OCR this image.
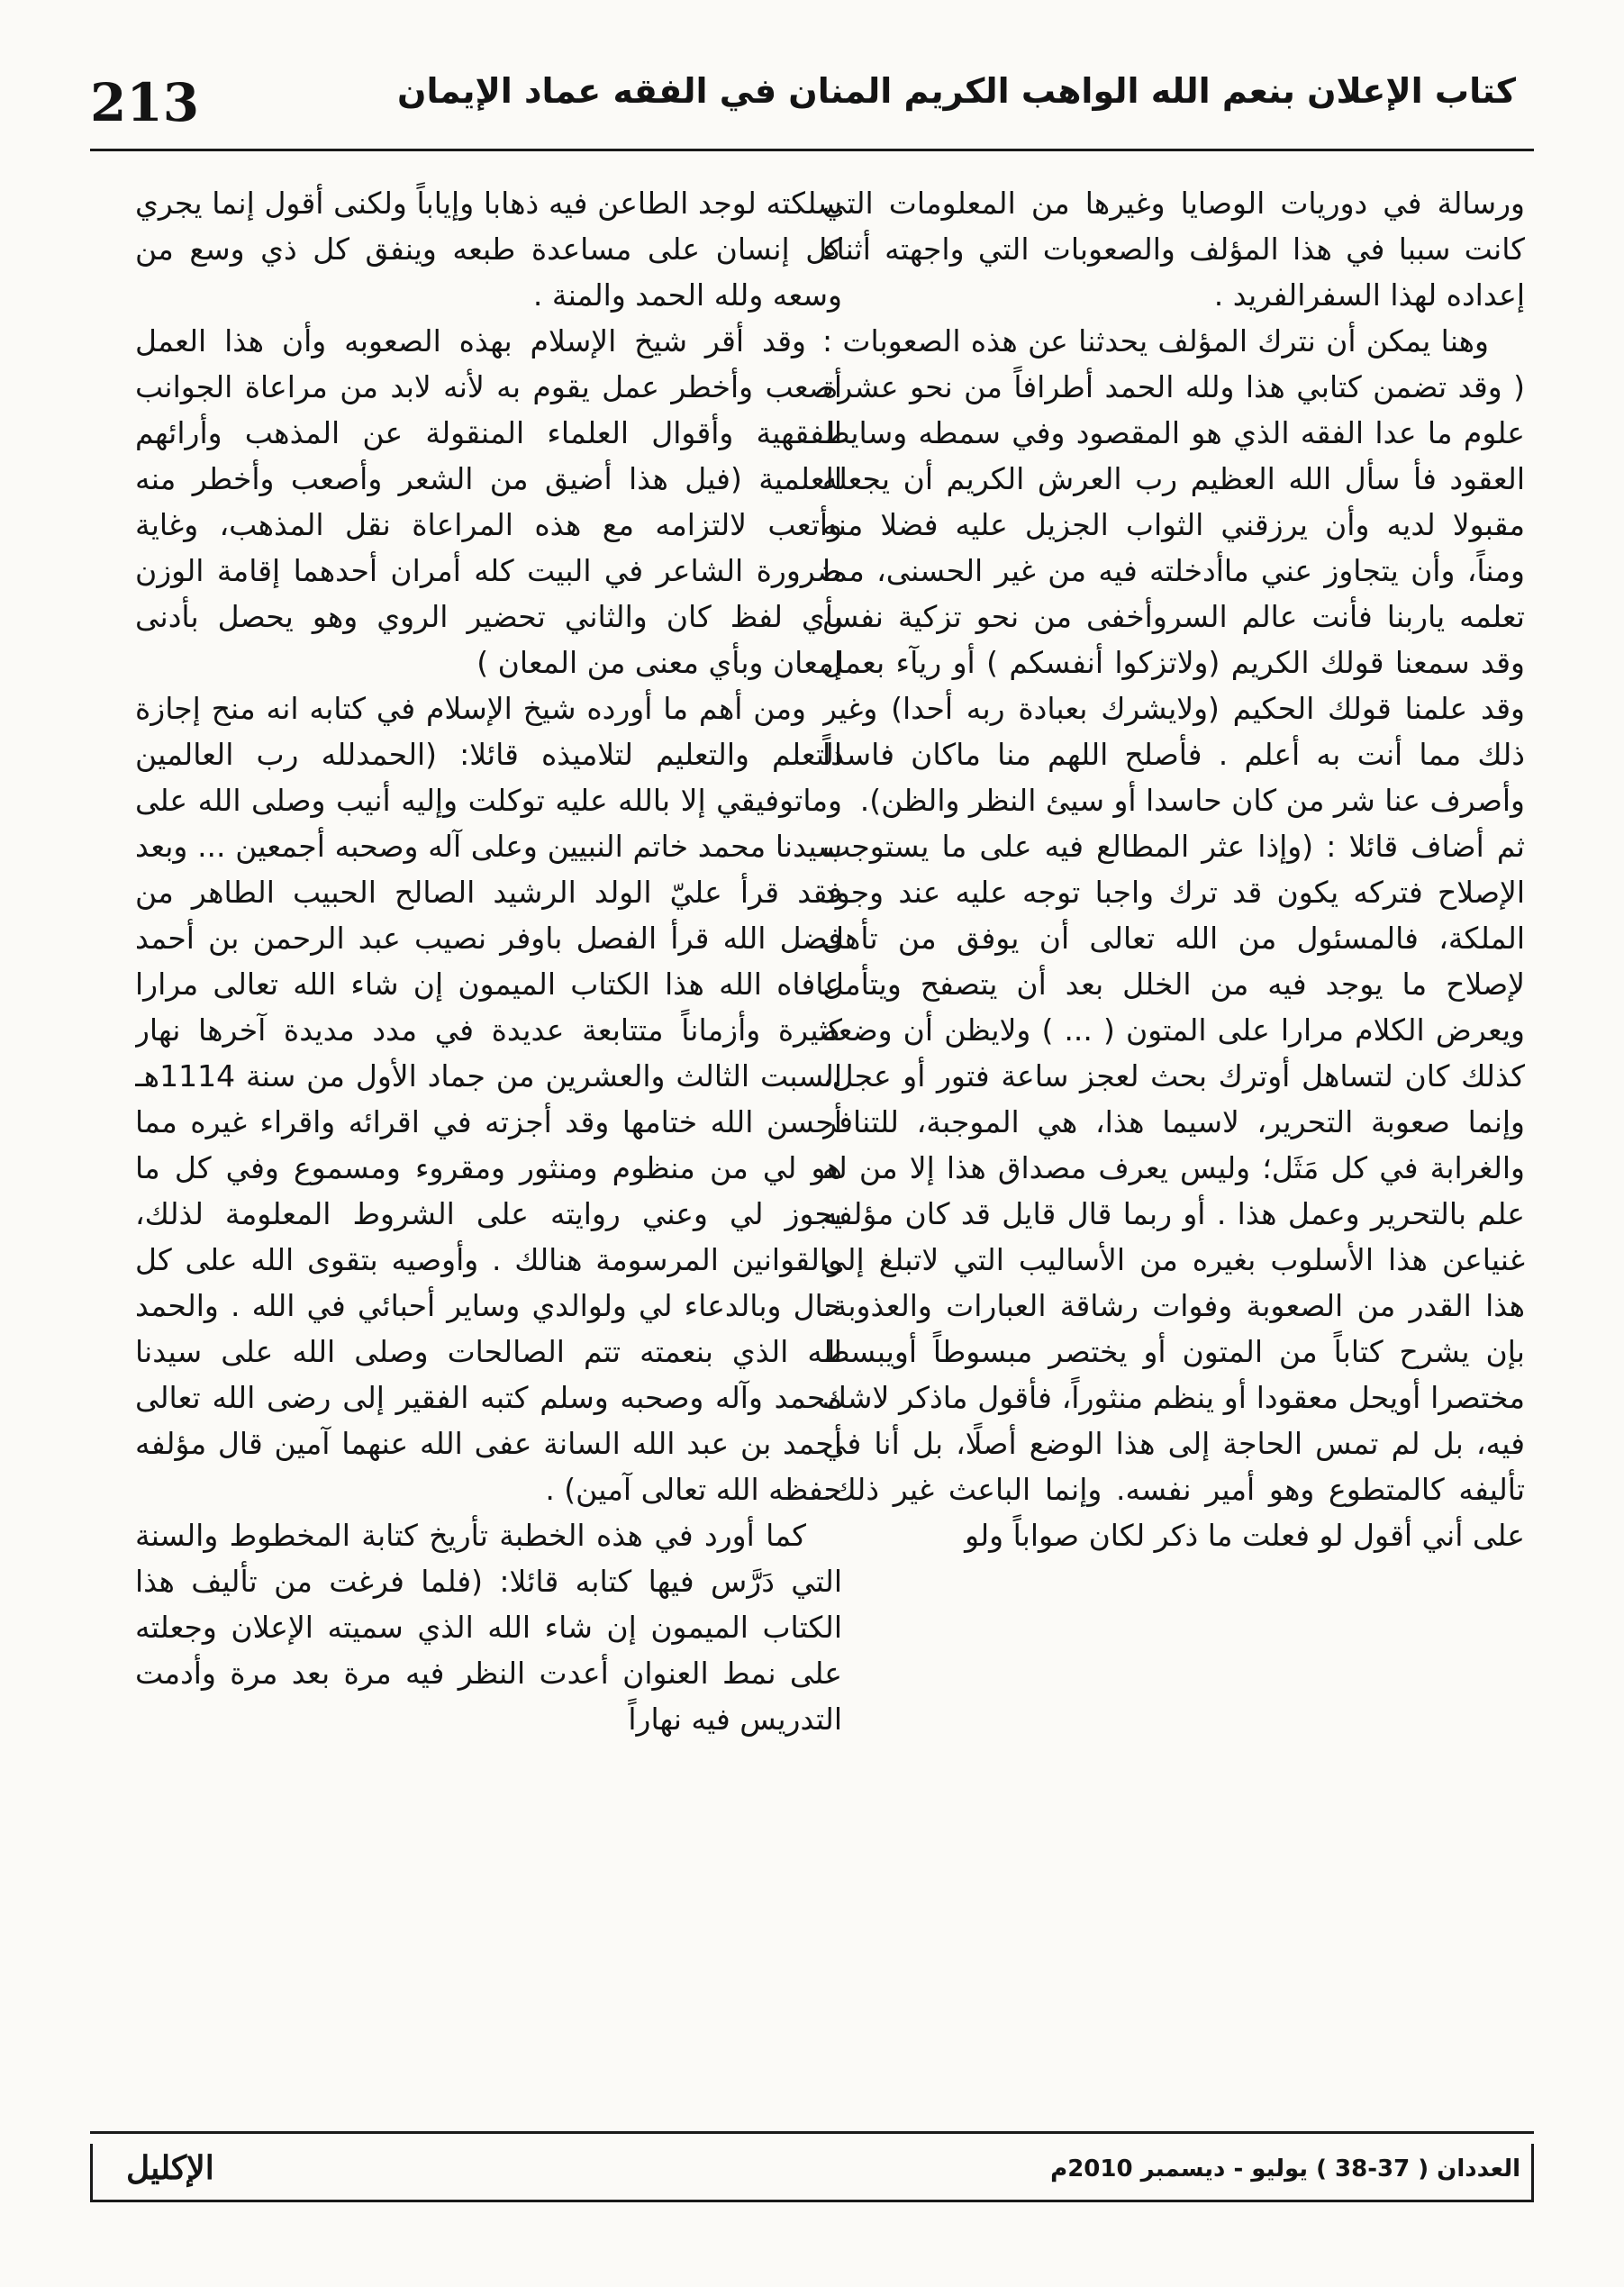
213	كتاب الإعلان بنعم الله الواهب الكريم المنان في الفقه عماد الإيمان

ورسالة في دوريات الوصايا وغيرها من المعلومات التي كانت سببا في هذا المؤلف والصعوبات التي واجهته أثناء إعداده لهذا السفرالفريد .

وهنا يمكن أن نترك المؤلف يحدثنا عن هذه الصعوبات : ( وقد تضمن كتابي هذا ولله الحمد أطرافاً من نحو عشرة علوم ما عدا الفقه الذي هو المقصود وفي سمطه وسايط العقود فأ سأل الله العظيم رب العرش الكريم أن يجعله مقبولا لديه وأن يرزقني الثواب الجزيل عليه فضلا منه ومناً، وأن يتجاوز عني ماأدخلته فيه من غير الحسنى، مما تعلمه ياربنا فأنت عالم السروأخفى من نحو تزكية نفس وقد سمعنا قولك الكريم (ولاتزكوا أنفسكم ) أو ريآء بعمل وقد علمنا قولك الحكيم (ولايشرك بعبادة ربه أحدا) وغير ذلك مما أنت به أعلم . فأصلح اللهم منا ماكان فاسداً وأصرف عنا شر من كان حاسدا أو سيئ النظر والظن).

ثم أضاف قائلا : (وإذا عثر المطالع فيه على ما يستوجب الإصلاح فتركه يكون قد ترك واجبا توجه عليه عند وجود الملكة، فالمسئول من الله تعالى أن يوفق من تأهل لإصلاح ما يوجد فيه من الخلل بعد أن يتصفح ويتأمل ويعرض الكلام مرارا على المتون ( ... ) ولايظن أن وضعه كذلك كان لتساهل أوترك بحث لعجز ساعة فتور أو عجل، وإنما صعوبة التحرير، لاسيما هذا، هي الموجبة، للتنافر والغرابة في كل مَثَل؛ وليس يعرف مصداق هذا إلا من له علم بالتحرير وعمل هذا . أو ربما قال قايل قد كان مؤلفه غنياعن هذا الأسلوب بغيره من الأساليب التي لاتبلغ إلى هذا القدر من الصعوبة وفوات رشاقة العبارات والعذوبة، بإن يشرح كتاباً من المتون أو يختصر مبسوطاً أويبسط مختصرا أويحل معقودا أو ينظم منثوراً، فأقول ماذكر لاشك فيه، بل لم تمس الحاجة إلى هذا الوضع أصلًا، بل أنا في تأليفه كالمتطوع وهو أمير نفسه. وإنما الباعث غير ذلك. على أني أقول لو فعلت ما ذكر لكان صواباً ولو

سلكته لوجد الطاعن فيه ذهابا وإياباً ولكنى أقول إنما يجري كل إنسان على مساعدة طبعه وينفق كل ذي وسع من وسعه ولله الحمد والمنة .

وقد أقر شيخ الإسلام بهذه الصعوبه وأن هذا العمل أصعب وأخطر عمل يقوم به لأنه لابد من مراعاة الجوانب الفقهية وأقوال العلماء المنقولة عن المذهب وأرائهم العلمية (فيل هذا أضيق من الشعر وأصعب وأخطر منه وأتعب لالتزامه مع هذه المراعاة نقل المذهب، وغاية ضرورة الشاعر في البيت كله أمران أحدهما إقامة الوزن بأي لفظ كان والثاني تحضير الروي وهو يحصل بأدنى إمعان وبأي معنى من المعان )

ومن أهم ما أورده شيخ الإسلام في كتابه انه منح إجازة التعلم والتعليم لتلاميذه قائلا: (الحمدلله رب العالمين وماتوفيقي إلا بالله عليه توكلت وإليه أنيب وصلى الله على سيدنا محمد خاتم النبيين وعلى آله وصحبه أجمعين ... وبعد فقد قرأ عليّ الولد الرشيد الصالح الحبيب الطاهر من فضل الله قرأ الفصل باوفر نصيب عبد الرحمن بن أحمد عافاه الله هذا الكتاب الميمون إن شاء الله تعالى مرارا كثيرة وأزماناً متتابعة عديدة في مدد مديدة آخرها نهار السبت الثالث والعشرين من جماد الأول من سنة 1114هـ أحسن الله ختامها وقد أجزته في اقرائه واقراء غيره مما هو لي من منظوم ومنثور ومقروء ومسموع وفي كل ما يجوز لي وعني روايته على الشروط المعلومة لذلك، والقوانين المرسومة هنالك . وأوصيه بتقوى الله على كل حال وبالدعاء لي ولوالدي وساير أحبائي في الله . والحمد لله الذي بنعمته تتم الصالحات وصلى الله على سيدنا محمد وآله وصحبه وسلم كتبه الفقير إلى رضى الله تعالى أحمد بن عبد الله السانة عفى الله عنهما آمين قال مؤلفه حفظه الله تعالى آمين) .

كما أورد في هذه الخطبة تأريخ كتابة المخطوط والسنة التي دَرَّس فيها كتابه قائلا: (فلما فرغت من تأليف هذا الكتاب الميمون إن شاء الله الذي سميته الإعلان وجعلته على نمط العنوان أعدت النظر فيه مرة بعد مرة وأدمت التدريس فيه نهاراً

العددان ( 37-38 ) يوليو - ديسمبر 2010م
الإكليل
